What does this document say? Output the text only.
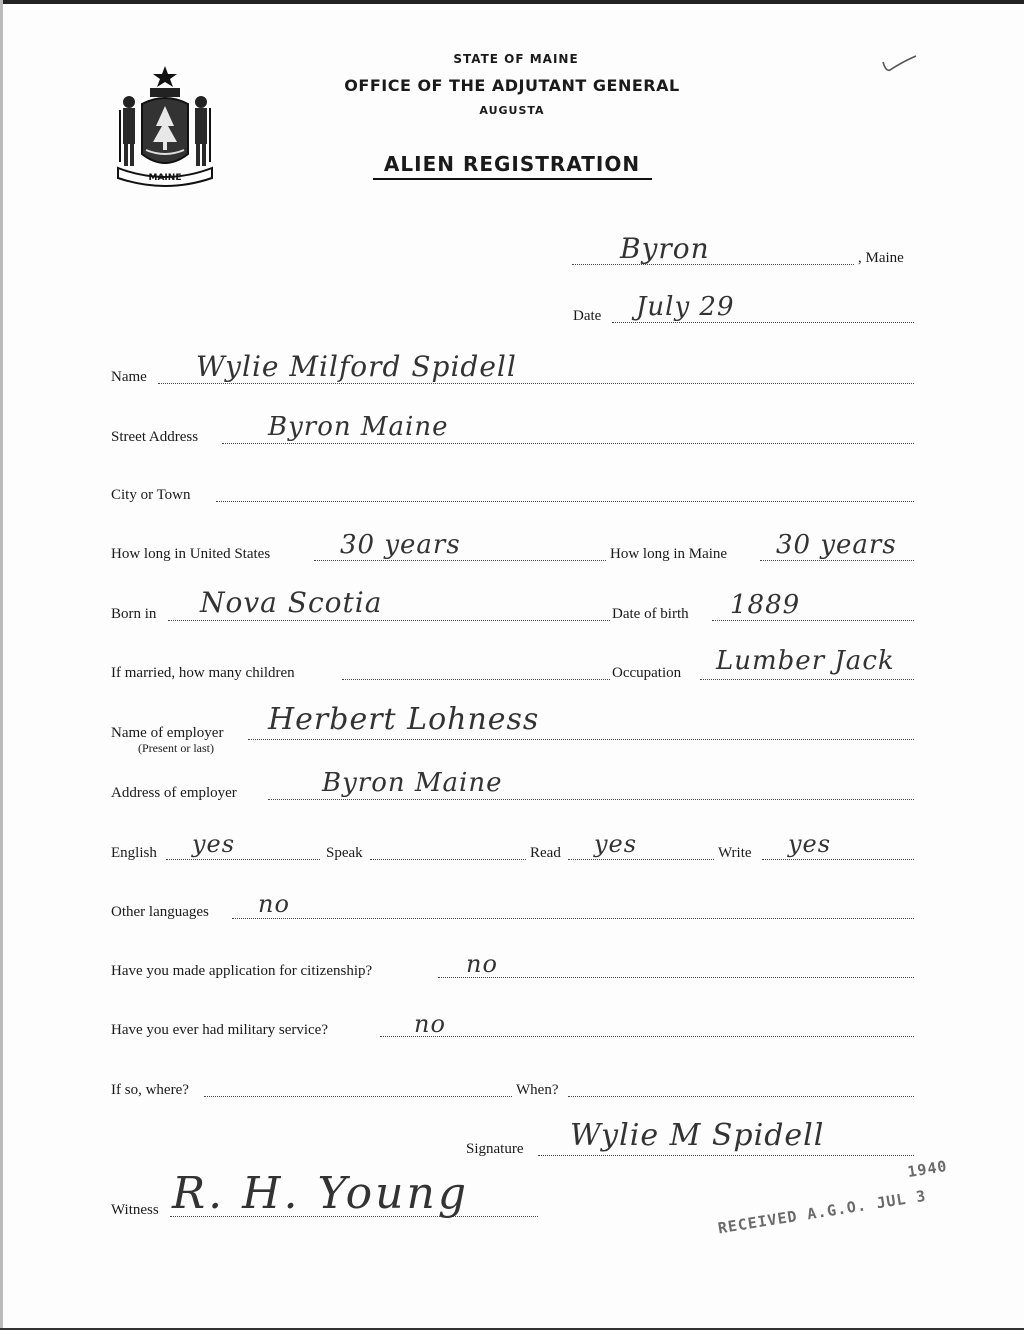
MAINE
STATE OF MAINE
OFFICE OF THE ADJUTANT GENERAL
AUGUSTA
ALIEN REGISTRATION
Byron	, Maine
Date July 29
Name Wylie Milford Spidell
Street Address	Byron Maine
City or Town
How long in United States	30 years	How long in Maine 30 years
Born in Nova Scotia	Date of birth 1889
If married, how many children	Occupation Lumber Jack
Name of employer
(Present or last)
Herbert Lohness
Address of employer	Byron Maine
English yes	Speak	Read yes	Write yes
Other languages no
Have you made application for citizenship?	no
Have you ever had military service?	no
If so, where?	When?
Signature Wylie M Spidell
Witness R. H. Young	RECEIVED A.G.O. JUL 3
1940
